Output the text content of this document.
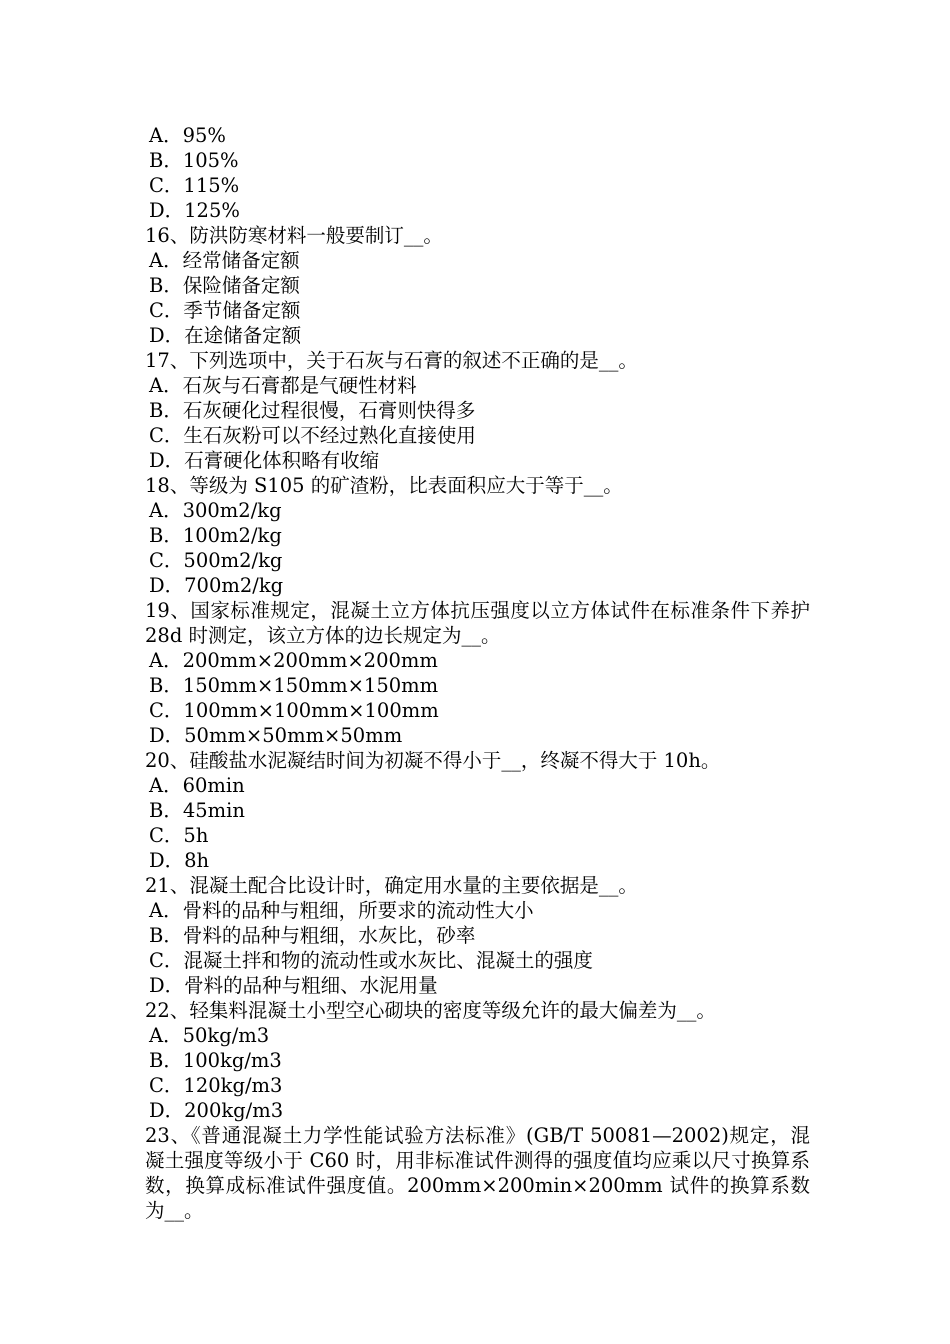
A．95%

B．105%

C．115%

D．125%

16、防洪防寒材料一般要制订__。

A．经常储备定额

B．保险储备定额

C．季节储备定额

D．在途储备定额

17、下列选项中，关于石灰与石膏的叙述不正确的是__。

A．石灰与石膏都是气硬性材料

B．石灰硬化过程很慢，石膏则快得多

C．生石灰粉可以不经过熟化直接使用

D．石膏硬化体积略有收缩

18、等级为 S105 的矿渣粉，比表面积应大于等于__。

A．300m2/kg

B．100m2/kg

C．500m2/kg

D．700m2/kg

19、国家标准规定，混凝土立方体抗压强度以立方体试件在标准条件下养护 28d 时测定，该立方体的边长规定为__。

A．200mm×200mm×200mm

B．150mm×150mm×150mm

C．100mm×100mm×100mm

D．50mm×50mm×50mm

20、硅酸盐水泥凝结时间为初凝不得小于__，终凝不得大于 10h。

A．60min

B．45min

C．5h

D．8h

21、混凝土配合比设计时，确定用水量的主要依据是__。

A．骨料的品种与粗细，所要求的流动性大小

B．骨料的品种与粗细，水灰比，砂率

C．混凝土拌和物的流动性或水灰比、混凝土的强度

D．骨料的品种与粗细、水泥用量

22、轻集料混凝土小型空心砌块的密度等级允许的最大偏差为__。

A．50kg/m3

B．100kg/m3

C．120kg/m3

D．200kg/m3

23、《普通混凝土力学性能试验方法标准》(GB/T 50081—2002)规定，混凝土强度等级小于 C60 时，用非标准试件测得的强度值均应乘以尺寸换算系数，换算成标准试件强度值。200mm×200min×200mm 试件的换算系数为__。
